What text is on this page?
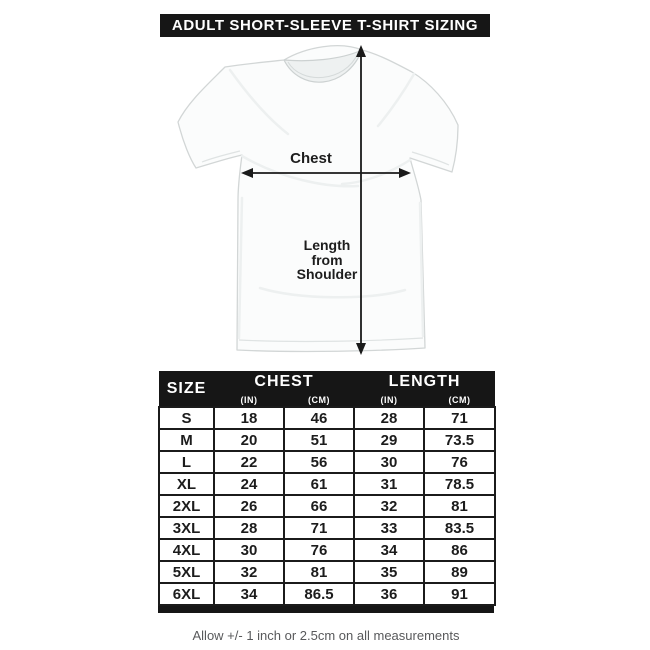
ADULT SHORT-SLEEVE T-SHIRT SIZING
Chest
Length from Shoulder
SIZE	CHEST		LENGTH	
	(IN)	(CM)	(IN)	(CM)
S	18	46	28	71
M	20	51	29	73.5
L	22	56	30	76
XL	24	61	31	78.5
2XL	26	66	32	81
3XL	28	71	33	83.5
4XL	30	76	34	86
5XL	32	81	35	89
6XL	34	86.5	36	91
Allow +/- 1 inch or 2.5cm on all measurements
